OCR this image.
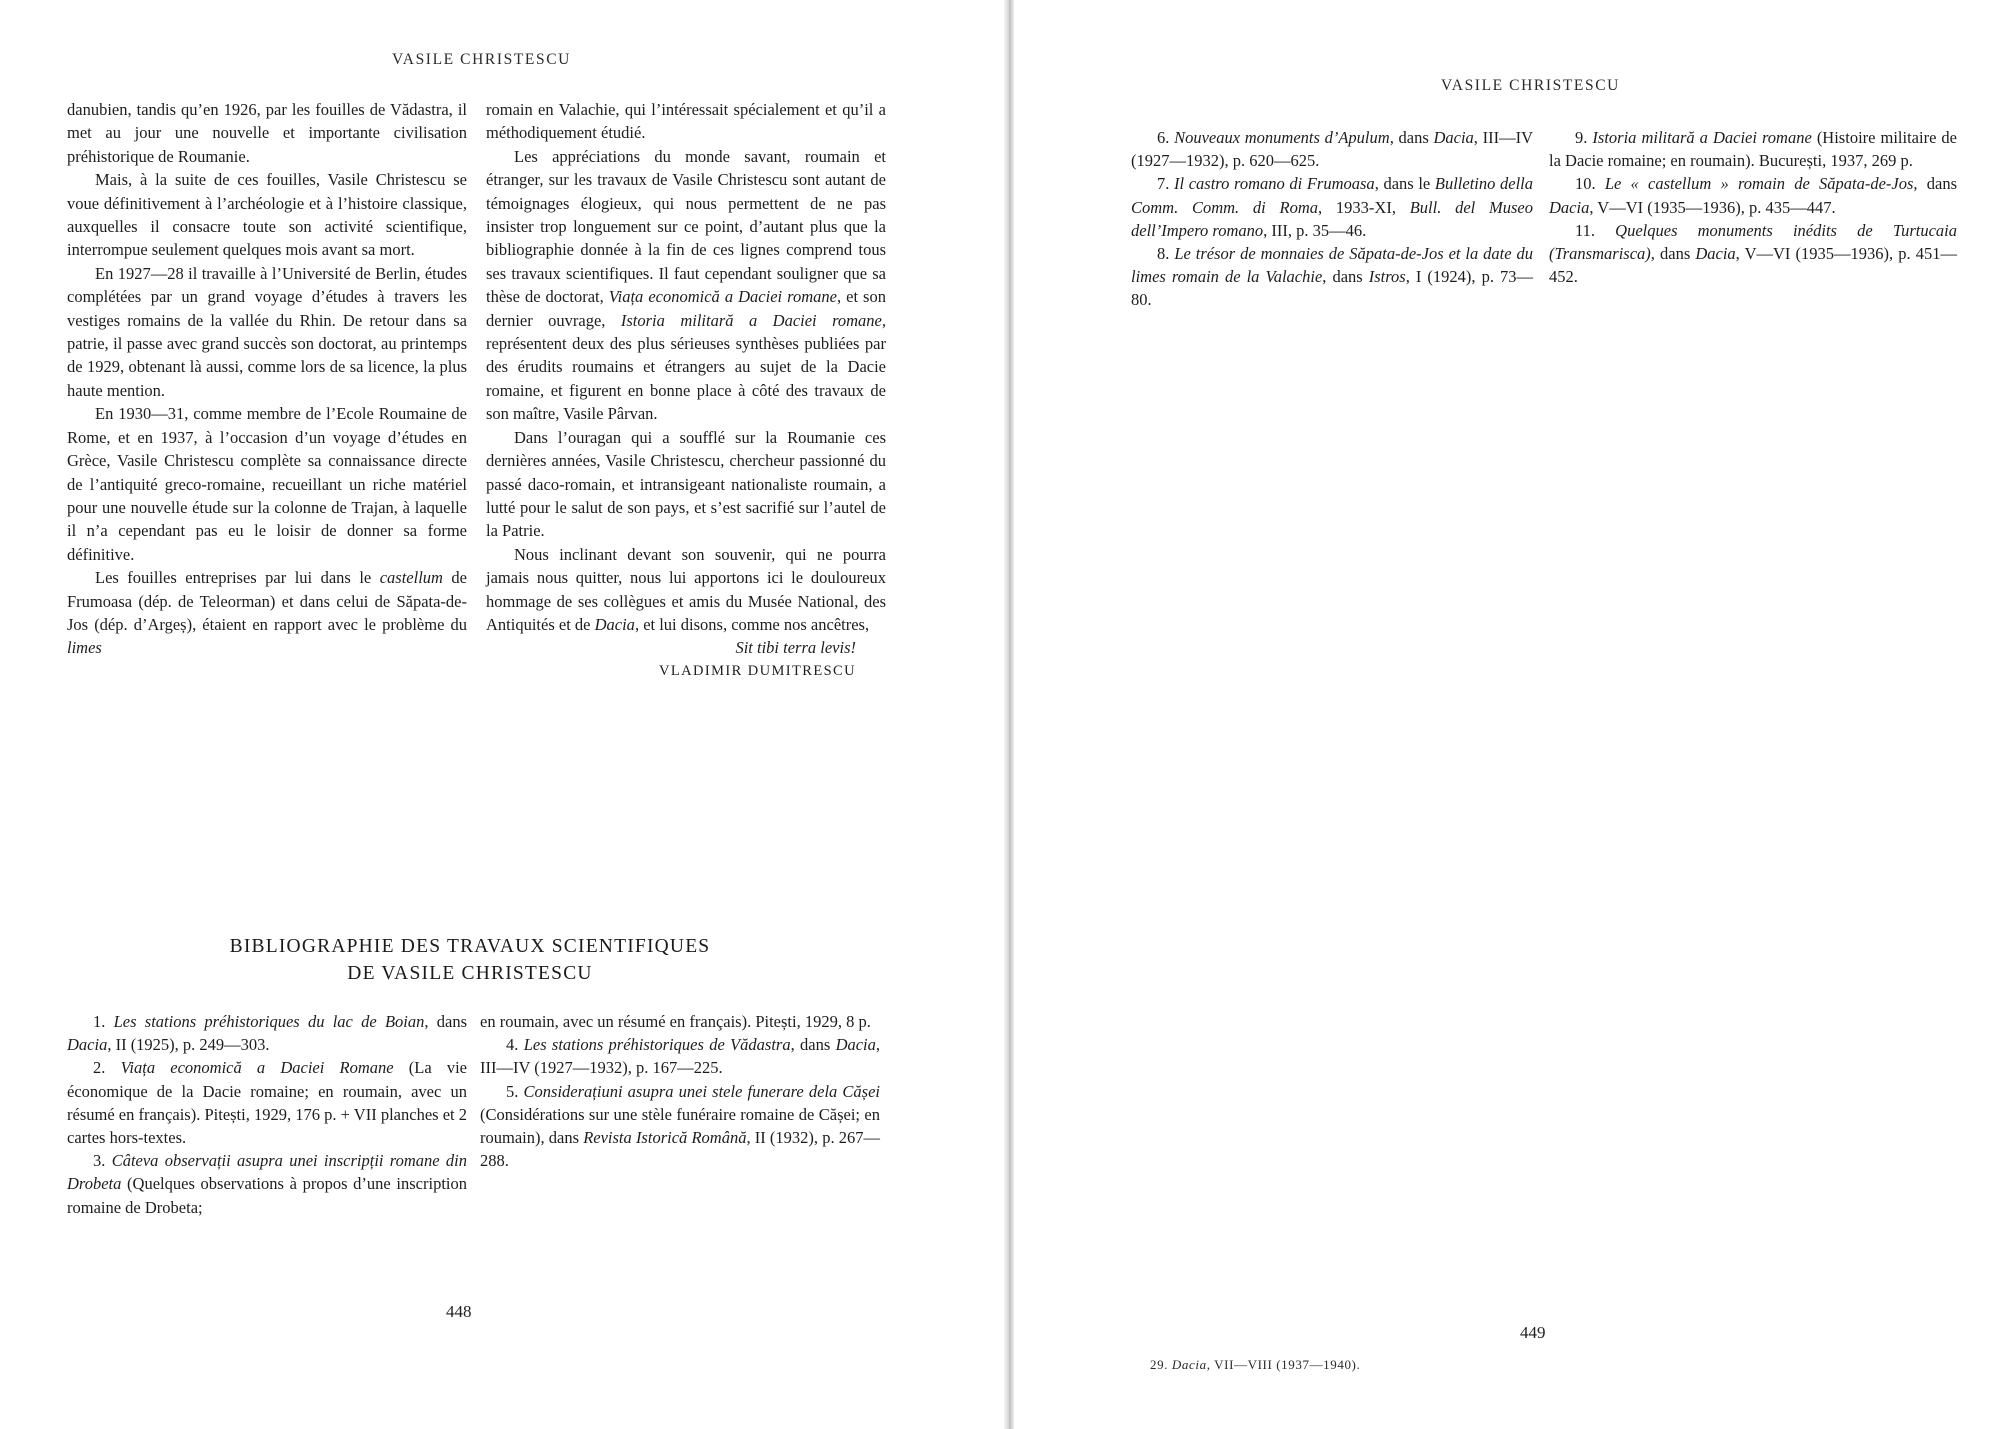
VASILE CHRISTESCU

danubien, tandis qu’en 1926, par les fouilles de Vădastra, il met au jour une nouvelle et importante civilisation préhistorique de Roumanie.

Mais, à la suite de ces fouilles, Vasile Christescu se voue définitivement à l’archéologie et à l’histoire classique, auxquelles il consacre toute son activité scientifique, interrompue seulement quelques mois avant sa mort.

En 1927—28 il travaille à l’Université de Berlin, études complétées par un grand voyage d’études à travers les vestiges romains de la vallée du Rhin. De retour dans sa patrie, il passe avec grand succès son doctorat, au printemps de 1929, obtenant là aussi, comme lors de sa licence, la plus haute mention.

En 1930—31, comme membre de l’Ecole Roumaine de Rome, et en 1937, à l’occasion d’un voyage d’études en Grèce, Vasile Christescu complète sa connaissance directe de l’antiquité greco-romaine, recueillant un riche matériel pour une nouvelle étude sur la colonne de Trajan, à laquelle il n’a cependant pas eu le loisir de donner sa forme définitive.

Les fouilles entreprises par lui dans le castellum de Frumoasa (dép. de Teleorman) et dans celui de Săpata-de-Jos (dép. d’Argeș), étaient en rapport avec le problème du limes

romain en Valachie, qui l’intéressait spécialement et qu’il a méthodiquement étudié.

Les appréciations du monde savant, roumain et étranger, sur les travaux de Vasile Christescu sont autant de témoignages élogieux, qui nous permettent de ne pas insister trop longuement sur ce point, d’autant plus que la bibliographie donnée à la fin de ces lignes comprend tous ses travaux scientifiques. Il faut cependant souligner que sa thèse de doctorat, Viața economică a Daciei romane, et son dernier ouvrage, Istoria militară a Daciei romane, représentent deux des plus sérieuses synthèses publiées par des érudits roumains et étrangers au sujet de la Dacie romaine, et figurent en bonne place à côté des travaux de son maître, Vasile Pârvan.

Dans l’ouragan qui a soufflé sur la Roumanie ces dernières années, Vasile Christescu, chercheur passionné du passé daco-romain, et intransigeant nationaliste roumain, a lutté pour le salut de son pays, et s’est sacrifié sur l’autel de la Patrie.

Nous inclinant devant son souvenir, qui ne pourra jamais nous quitter, nous lui apportons ici le douloureux hommage de ses collègues et amis du Musée National, des Antiquités et de Dacia, et lui disons, comme nos ancêtres,

Sit tibi terra levis!

VLADIMIR DUMITRESCU

BIBLIOGRAPHIE DES TRAVAUX SCIENTIFIQUES
DE VASILE CHRISTESCU

1. Les stations préhistoriques du lac de Boian, dans Dacia, II (1925), p. 249—303.

2. Viața economică a Daciei Romane (La vie économique de la Dacie romaine; en roumain, avec un résumé en français). Pitești, 1929, 176 p. + VII planches et 2 cartes hors-textes.

3. Câteva observații asupra unei inscripții romane din Drobeta (Quelques observations à propos d’une inscription romaine de Drobeta;

en roumain, avec un résumé en français). Pitești, 1929, 8 p.

4. Les stations préhistoriques de Vădastra, dans Dacia, III—IV (1927—1932), p. 167—225.

5. Considerațiuni asupra unei stele funerare dela Cășei (Considérations sur une stèle funéraire romaine de Cășei; en roumain), dans Revista Istorică Română, II (1932), p. 267—288.

448
VASILE CHRISTESCU

6. Nouveaux monuments d’Apulum, dans Dacia, III—IV (1927—1932), p. 620—625.

7. Il castro romano di Frumoasa, dans le Bulletino della Comm. Comm. di Roma, 1933-XI, Bull. del Museo dell’Impero romano, III, p. 35—46.

8. Le trésor de monnaies de Săpata-de-Jos et la date du limes romain de la Valachie, dans Istros, I (1924), p. 73—80.

9. Istoria militară a Daciei romane (Histoire militaire de la Dacie romaine; en roumain). București, 1937, 269 p.

10. Le « castellum » romain de Săpata-de-Jos, dans Dacia, V—VI (1935—1936), p. 435—447.

11. Quelques monuments inédits de Turtucaia (Transmarisca), dans Dacia, V—VI (1935—1936), p. 451—452.

449
29. Dacia, VII—VIII (1937—1940).
